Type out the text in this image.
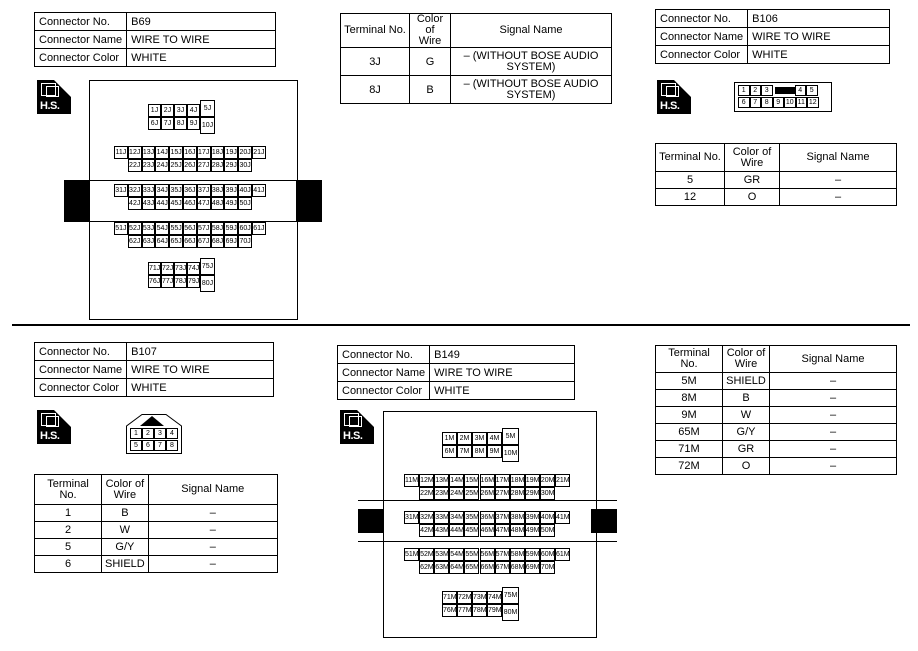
Connector No.	B69
Connector Name	WIRE TO WIRE
Connector Color	WHITE
H.S.	1J 2J 3J 4J 5J
6J 7J 8J 9J 10J
11J 12J 13J 14J 15J 16J 17J 18J 19J 20J 21J
22J 23J 24J 25J 26J 27J 28J 29J 30J
31J 32J 33J 34J 35J 36J 37J 38J 39J 40J 41J
42J 43J 44J 45J 46J 47J 48J 49J 50J
51J 52J 53J 54J 55J 56J 57J 58J 59J 60J 61J
62J 63J 64J 65J 66J 67J 68J 69J 70J
71J 72J 73J 74J 75J
76J 77J 78J 79J 80J
Terminal No.	Color of Wire	Signal Name
3J	G	– (WITHOUT BOSE AUDIO SYSTEM)
8J	B	– (WITHOUT BOSE AUDIO SYSTEM)
Connector No.	B106
Connector Name	WIRE TO WIRE
Connector Color	WHITE
H.S.
1	2	3	4	5
6	7	8	9 10 11 12
Terminal No.	Color of Wire	Signal Name
5	GR	–
12	O	–
Connector No.	B107
Connector Name	WIRE TO WIRE
Connector Color	WHITE
H.S.	1	2	3	4
5	6	7	8
Terminal No.	Color of Wire	Signal Name
1	B	–
2	W	–
5	G/Y	–
6	SHIELD	–
Connector No.	B149
Connector Name	WIRE TO WIRE
Connector Color	WHITE
H.S.	1M 2M 3M 4M 5M
6M 7M 8M 9M 10M
11M 12M 13M 14M 15M 16M 17M 18M 19M 20M 21M
22M 23M 24M 25M 26M 27M 28M 29M 30M
31M 32M 33M 34M 35M 36M 37M 38M 39M 40M 41M
42M 43M 44M 45M 46M 47M 48M 49M 50M
51M 52M 53M 54M 55M 56M 57M 58M 59M 60M 61M
62M 63M 64M 65M 66M 67M 68M 69M 70M
71M 72M 73M 74M 75M
76M 77M 78M 79M 80M
Terminal No.	Color of Wire	Signal Name
5M	SHIELD	–
8M	B	–
9M	W	–
65M	G/Y	–
71M	GR	–
72M	O	–
